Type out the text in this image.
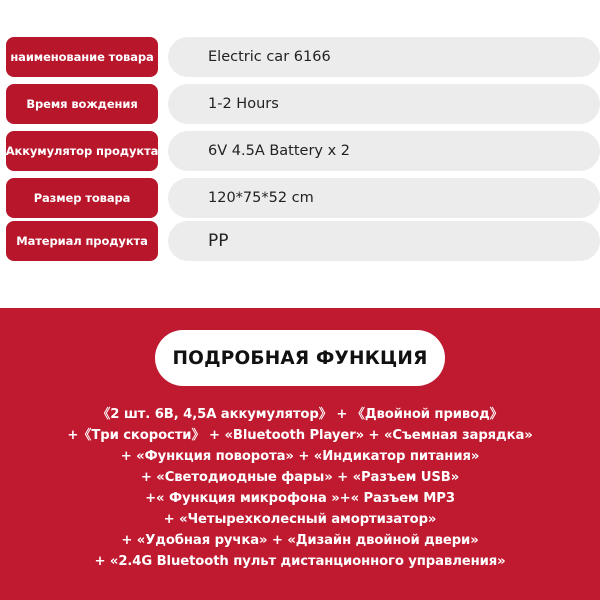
наименование товара	Electric car 6166
Время вождения	1-2 Hours
Аккумулятор продукта	6V 4.5A Battery x 2
Размер товара	120*75*52 cm
Материал продукта	PP
ПОДРОБНАЯ ФУНКЦИЯ
《2 шт. 6В, 4,5А аккумулятор》 + 《Двойной привод》
+《Три скорости》 + «Bluetooth Player» + «Съемная зарядка»
+ «Функция поворота» + «Индикатор питания»
+ «Светодиодные фары» + «Разъем USB»
+« Функция микрофона »+« Разъем MP3
+ «Четырехколесный амортизатор»
+ «Удобная ручка» + «Дизайн двойной двери»
+ «2.4G Bluetooth пульт дистанционного управления»
